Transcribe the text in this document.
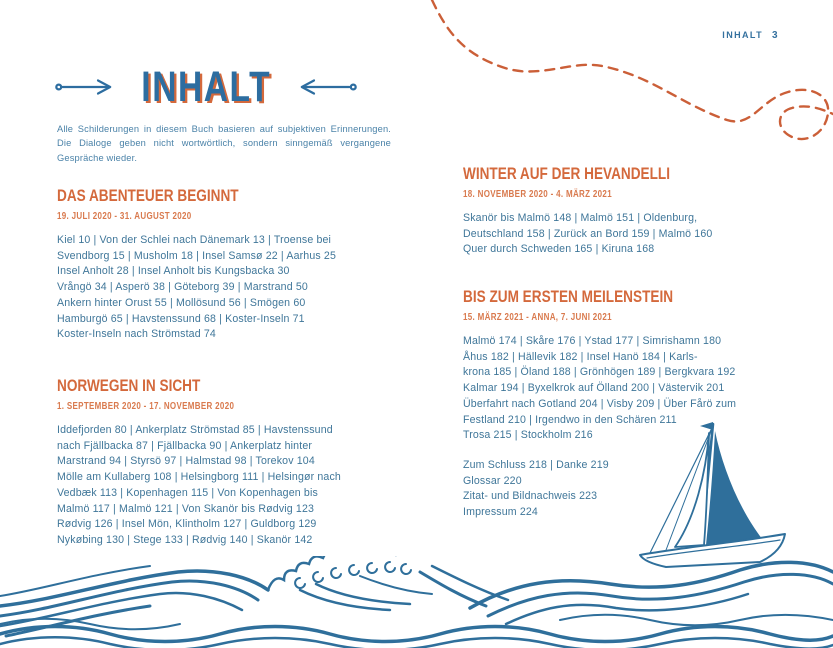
INHALT 3
INHALT

Alle Schilderungen in diesem Buch basieren auf subjektiven Erinnerungen. Die Dialoge geben nicht wortwörtlich, sondern sinngemäß vergangene Gespräche wieder.

DAS ABENTEUER BEGINNT
19. JULI 2020 - 31. AUGUST 2020

Kiel 10 | Von der Schlei nach Dänemark 13 | Troense bei

Svendborg 15 | Musholm 18 | Insel Samsø 22 | Aarhus 25

Insel Anholt 28 | Insel Anholt bis Kungsbacka 30

Vrångö 34 | Asperö 38 | Göteborg 39 | Marstrand 50

Ankern hinter Orust 55 | Mollösund 56 | Smögen 60

Hamburgö 65 | Havstenssund 68 | Koster-Inseln 71

Koster-Inseln nach Strömstad 74

NORWEGEN IN SICHT
1. SEPTEMBER 2020 - 17. NOVEMBER 2020

Iddefjorden 80 | Ankerplatz Strömstad 85 | Havstenssund

nach Fjällbacka 87 | Fjällbacka 90 | Ankerplatz hinter

Marstrand 94 | Styrsö 97 | Halmstad 98 | Torekov 104

Mölle am Kullaberg 108 | Helsingborg 111 | Helsingør nach

Vedbæk 113 | Kopenhagen 115 | Von Kopenhagen bis

Malmö 117 | Malmö 121 | Von Skanör bis Rødvig 123

Rødvig 126 | Insel Mön, Klintholm 127 | Guldborg 129

Nykøbing 130 | Stege 133 | Rødvig 140 | Skanör 142

WINTER AUF DER HEVANDELLI
18. NOVEMBER 2020 - 4. MÄRZ 2021

Skanör bis Malmö 148 | Malmö 151 | Oldenburg,

Deutschland 158 | Zurück an Bord 159 | Malmö 160

Quer durch Schweden 165 | Kiruna 168

BIS ZUM ERSTEN MEILENSTEIN
15. MÄRZ 2021 - ANNA, 7. JUNI 2021

Malmö 174 | Skåre 176 | Ystad 177 | Simrishamn 180

Åhus 182 | Hällevik 182 | Insel Hanö 184 | Karls-

krona 185 | Öland 188 | Grönhögen 189 | Bergkvara 192

Kalmar 194 | Byxelkrok auf Ölland 200 | Västervik 201

Überfahrt nach Gotland 204 | Visby 209 | Über Fårö zum

Festland 210 | Irgendwo in den Schären 211

Trosa 215 | Stockholm 216

Zum Schluss 218 | Danke 219

Glossar 220

Zitat- und Bildnachweis 223

Impressum 224
